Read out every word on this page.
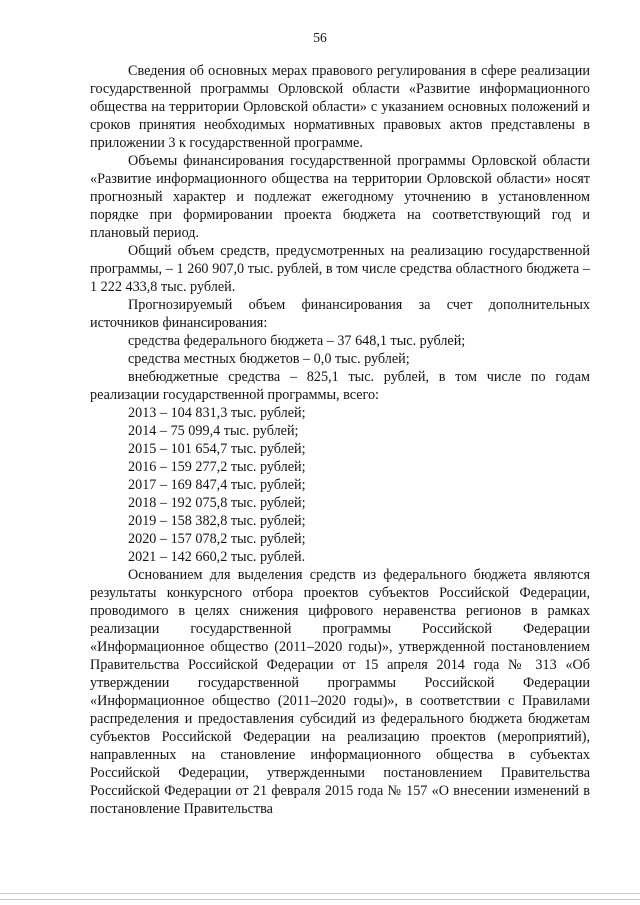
56

Сведения об основных мерах правового регулирования в сфере реализации государственной программы Орловской области «Развитие информационного общества на территории Орловской области» с указанием основных положений и сроков принятия необходимых нормативных правовых актов представлены в приложении 3 к государственной программе.

Объемы финансирования государственной программы Орловской области «Развитие информационного общества на территории Орловской области» носят прогнозный характер и подлежат ежегодному уточнению в установленном порядке при формировании проекта бюджета на соответствующий год и плановый период.

Общий объем средств, предусмотренных на реализацию государственной программы, – 1 260 907,0 тыс. рублей, в том числе средства областного бюджета – 1 222 433,8 тыс. рублей.

Прогнозируемый объем финансирования за счет дополнительных источников финансирования:

средства федерального бюджета – 37 648,1 тыс. рублей;

средства местных бюджетов – 0,0 тыс. рублей;

внебюджетные средства – 825,1 тыс. рублей, в том числе по годам реализации государственной программы, всего:

2013 – 104 831,3 тыс. рублей;

2014 – 75 099,4 тыс. рублей;

2015 – 101 654,7 тыс. рублей;

2016 – 159 277,2 тыс. рублей;

2017 – 169 847,4 тыс. рублей;

2018 – 192 075,8 тыс. рублей;

2019 – 158 382,8 тыс. рублей;

2020 – 157 078,2 тыс. рублей;

2021 – 142 660,2 тыс. рублей.

Основанием для выделения средств из федерального бюджета являются результаты конкурсного отбора проектов субъектов Российской Федерации, проводимого в целях снижения цифрового неравенства регионов в рамках реализации государственной программы Российской Федерации «Информационное общество (2011–2020 годы)», утвержденной постановлением Правительства Российской Федерации от 15 апреля 2014 года № 313 «Об утверждении государственной программы Российской Федерации «Информационное общество (2011–2020 годы)», в соответствии с Правилами распределения и предоставления субсидий из федерального бюджета бюджетам субъектов Российской Федерации на реализацию проектов (мероприятий), направленных на становление информационного общества в субъектах Российской Федерации, утвержденными постановлением Правительства Российской Федерации от 21 февраля 2015 года № 157 «О внесении изменений в постановление Правительства
